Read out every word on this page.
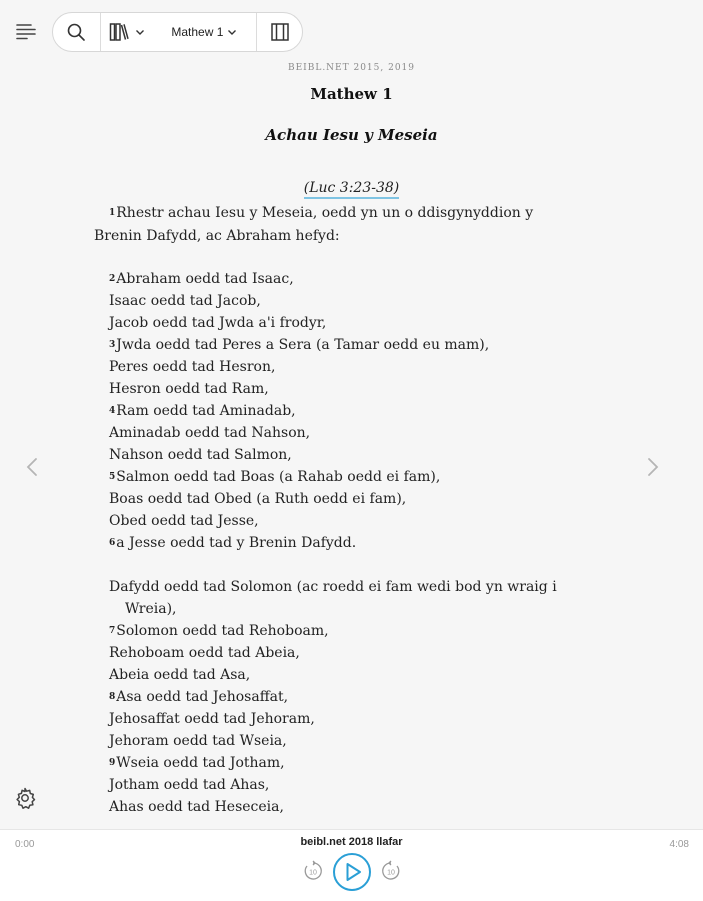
Mathew 1
BEIBL.NET 2015, 2019
Mathew 1
Achau Iesu y Meseia
(Luc 3:23-38)
1Rhestr achau Iesu y Meseia, oedd yn un o ddisgynyddion y
Brenin Dafydd, ac Abraham hefyd:
2Abraham oedd tad Isaac,
Isaac oedd tad Jacob,
Jacob oedd tad Jwda a'i frodyr,
3Jwda oedd tad Peres a Sera (a Tamar oedd eu mam),
Peres oedd tad Hesron,
Hesron oedd tad Ram,
4Ram oedd tad Aminadab,
Aminadab oedd tad Nahson,
Nahson oedd tad Salmon,
5Salmon oedd tad Boas (a Rahab oedd ei fam),
Boas oedd tad Obed (a Ruth oedd ei fam),
Obed oedd tad Jesse,
6a Jesse oedd tad y Brenin Dafydd.
Dafydd oedd tad Solomon (ac roedd ei fam wedi bod yn wraig i
Wreia),
7Solomon oedd tad Rehoboam,
Rehoboam oedd tad Abeia,
Abeia oedd tad Asa,
8Asa oedd tad Jehosaffat,
Jehosaffat oedd tad Jehoram,
Jehoram oedd tad Wseia,
9Wseia oedd tad Jotham,
Jotham oedd tad Ahas,
Ahas oedd tad Heseceia,
0:00	beibl.net 2018 llafar	4:08
10	10
